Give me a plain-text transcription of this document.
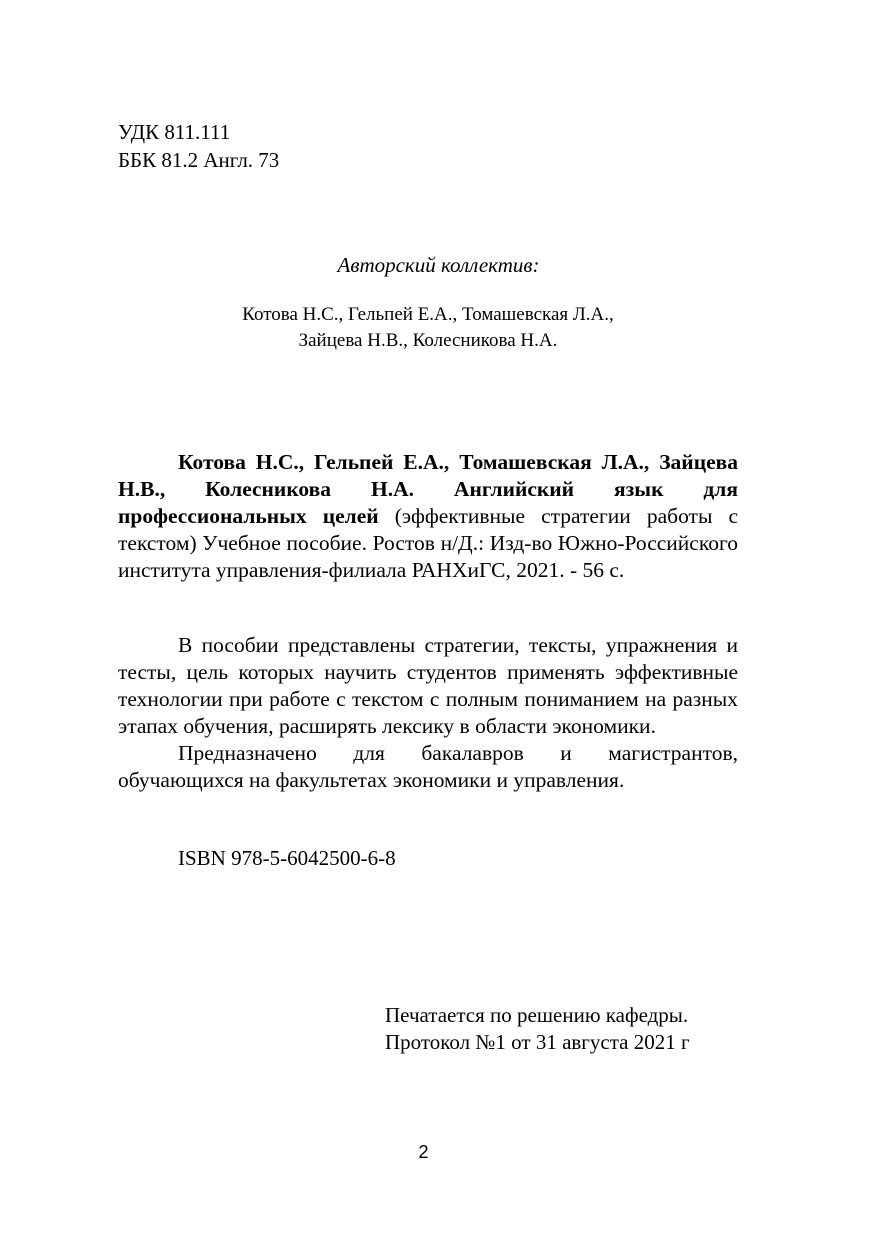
УДК 811.111
ББК 81.2 Англ. 73
Авторский коллектив:
Котова Н.С., Гельпей Е.А., Томашевская Л.А.,
Зайцева Н.В., Колесникова Н.А.
Котова Н.С., Гельпей Е.А., Томашевская Л.А., Зайцева Н.В., Колесникова Н.А. Английский язык для профессиональных целей (эффективные стратегии работы с текстом) Учебное пособие. Ростов н/Д.: Изд-во Южно-Российского института управления-филиала РАНХиГС, 2021. - 56 с.

В пособии представлены стратегии, тексты, упражнения и тесты, цель которых научить студентов применять эффективные технологии при работе с текстом с полным пониманием на разных этапах обучения, расширять лексику в области экономики.

Предназначено для бакалавров и магистрантов, обучающихся на факультетах экономики и управления.

ISBN 978-5-6042500-6-8
Печатается по решению кафедры.
Протокол №1 от 31 августа 2021 г
2
